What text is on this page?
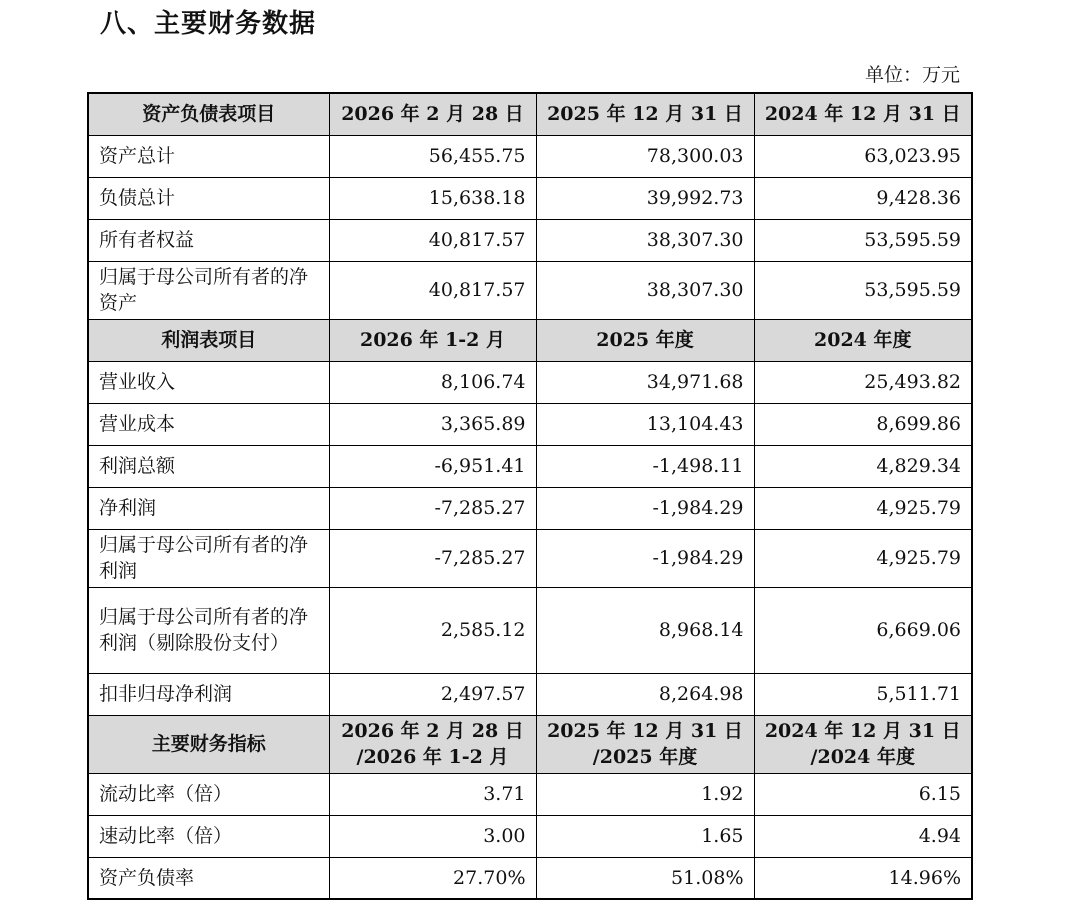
八、主要财务数据
单位：万元
资产负债表项目	2026 年 2 月 28 日	2025 年 12 月 31 日	2024 年 12 月 31 日
资产总计	56,455.75	78,300.03	63,023.95
负债总计	15,638.18	39,992.73	9,428.36
所有者权益	40,817.57	38,307.30	53,595.59
归属于母公司所有者的净资产	40,817.57	38,307.30	53,595.59
利润表项目	2026 年 1-2 月	2025 年度	2024 年度
营业收入	8,106.74	34,971.68	25,493.82
营业成本	3,365.89	13,104.43	8,699.86
利润总额	-6,951.41	-1,498.11	4,829.34
净利润	-7,285.27	-1,984.29	4,925.79
归属于母公司所有者的净利润	-7,285.27	-1,984.29	4,925.79
归属于母公司所有者的净利润（剔除股份支付）	2,585.12	8,968.14	6,669.06
扣非归母净利润	2,497.57	8,264.98	5,511.71
主要财务指标	2026 年 2 月 28 日 /2026 年 1-2 月	2025 年 12 月 31 日 /2025 年度	2024 年 12 月 31 日 /2024 年度
流动比率（倍）	3.71	1.92	6.15
速动比率（倍）	3.00	1.65	4.94
资产负债率	27.70%	51.08%	14.96%
